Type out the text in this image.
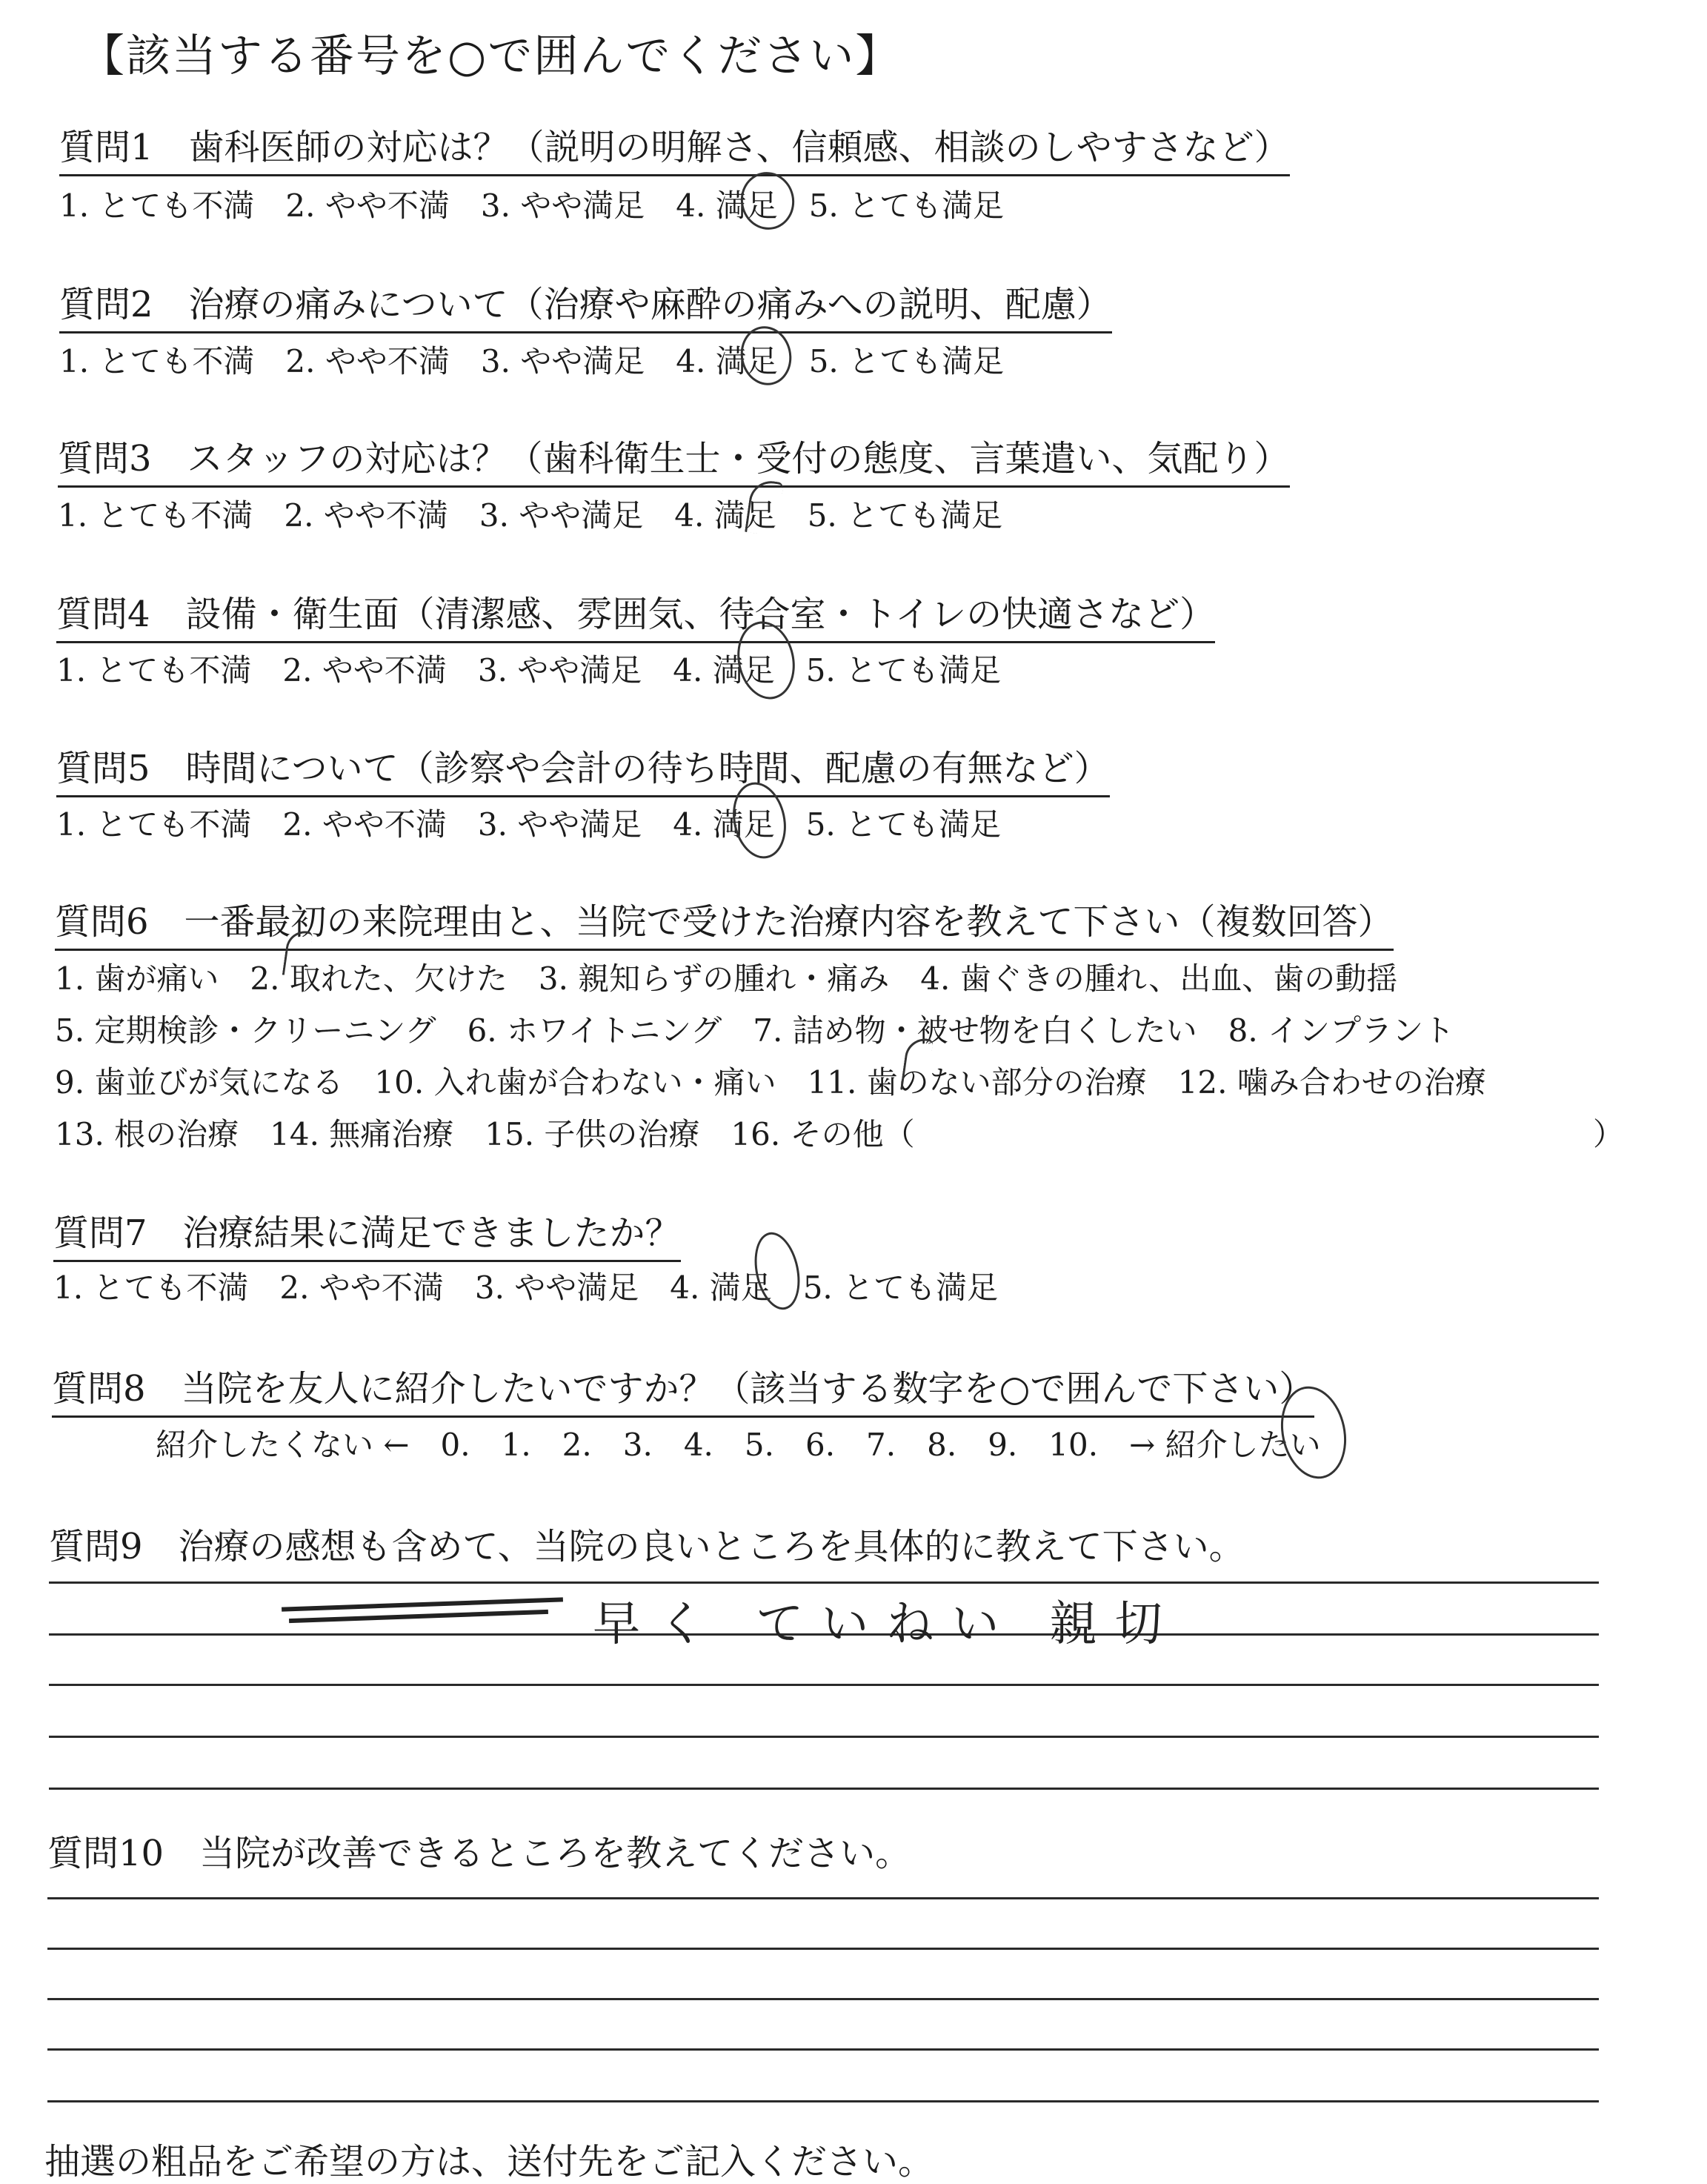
【該当する番号を○で囲んでください】
質問1　歯科医師の対応は？（説明の明解さ、信頼感、相談のしやすさなど）
1. とても不満　2. やや不満　3. やや満足　4. 満足　5. とても満足
質問2　治療の痛みについて（治療や麻酔の痛みへの説明、配慮）
1. とても不満　2. やや不満　3. やや満足　4. 満足　5. とても満足
質問3　スタッフの対応は？（歯科衛生士・受付の態度、言葉遣い、気配り）
1. とても不満　2. やや不満　3. やや満足　4. 満足　5. とても満足
質問4　設備・衛生面（清潔感、雰囲気、待合室・トイレの快適さなど）
1. とても不満　2. やや不満　3. やや満足　4. 満足　5. とても満足
質問5　時間について（診察や会計の待ち時間、配慮の有無など）
1. とても不満　2. やや不満　3. やや満足　4. 満足　5. とても満足
質問6　一番最初の来院理由と、当院で受けた治療内容を教えて下さい（複数回答）
1. 歯が痛い　2. 取れた、欠けた　3. 親知らずの腫れ・痛み　4. 歯ぐきの腫れ、出血、歯の動揺
5. 定期検診・クリーニング　6. ホワイトニング　7. 詰め物・被せ物を白くしたい　8. インプラント
9. 歯並びが気になる　10. 入れ歯が合わない・痛い　11. 歯のない部分の治療　12. 噛み合わせの治療
13. 根の治療　14. 無痛治療　15. 子供の治療　16. その他（	）
質問7　治療結果に満足できましたか？
1. とても不満　2. やや不満　3. やや満足　4. 満足　5. とても満足
質問8　当院を友人に紹介したいですか？（該当する数字を○で囲んで下さい）
紹介したくない ←　0.　1.　2.　3.　4.　5.　6.　7.　8.　9.　10.　→ 紹介したい
質問9　治療の感想も含めて、当院の良いところを具体的に教えて下さい。
早く ていねい 親切
質問10　当院が改善できるところを教えてください。
抽選の粗品をご希望の方は、送付先をご記入ください。
